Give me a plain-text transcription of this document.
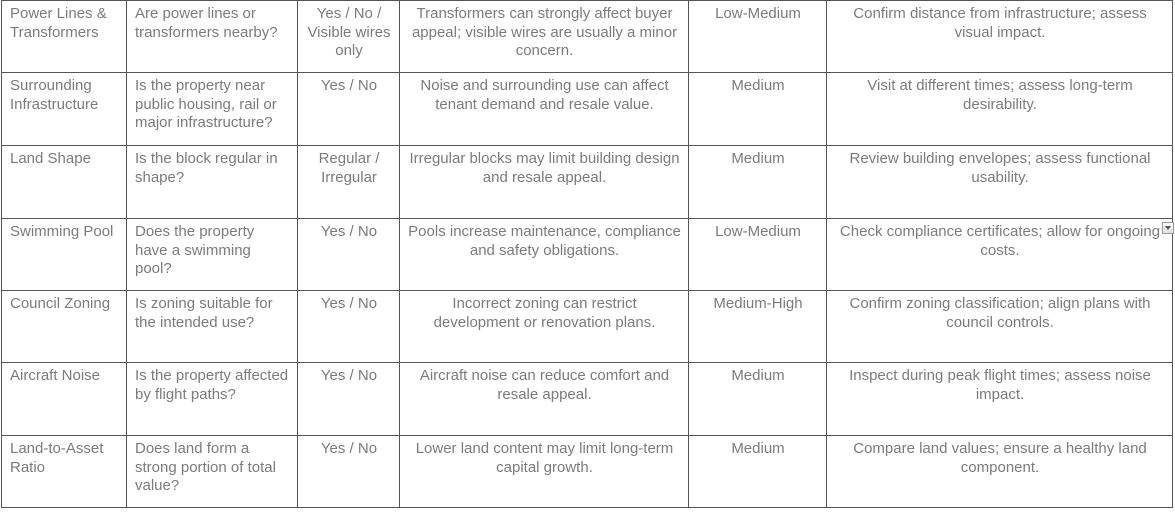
Power Lines & Transformers	Are power lines or transformers nearby?	Yes / No / Visible wires only	Transformers can strongly affect buyer appeal; visible wires are usually a minor concern.	Low-Medium	Confirm distance from infrastructure; assess visual impact.
Surrounding Infrastructure	Is the property near public housing, rail or major infrastructure?	Yes / No	Noise and surrounding use can affect tenant demand and resale value.	Medium	Visit at different times; assess long-term desirability.
Land Shape	Is the block regular in shape?	Regular / Irregular	Irregular blocks may limit building design and resale appeal.	Medium	Review building envelopes; assess functional usability.
Swimming Pool	Does the property have a swimming pool?	Yes / No	Pools increase maintenance, compliance and safety obligations.	Low-Medium	Check compliance certificates; allow for ongoing costs.
Council Zoning	Is zoning suitable for the intended use?	Yes / No	Incorrect zoning can restrict development or renovation plans.	Medium-High	Confirm zoning classification; align plans with council controls.
Aircraft Noise	Is the property affected by flight paths?	Yes / No	Aircraft noise can reduce comfort and resale appeal.	Medium	Inspect during peak flight times; assess noise impact.
Land-to-Asset Ratio	Does land form a strong portion of total value?	Yes / No	Lower land content may limit long-term capital growth.	Medium	Compare land values; ensure a healthy land component.
